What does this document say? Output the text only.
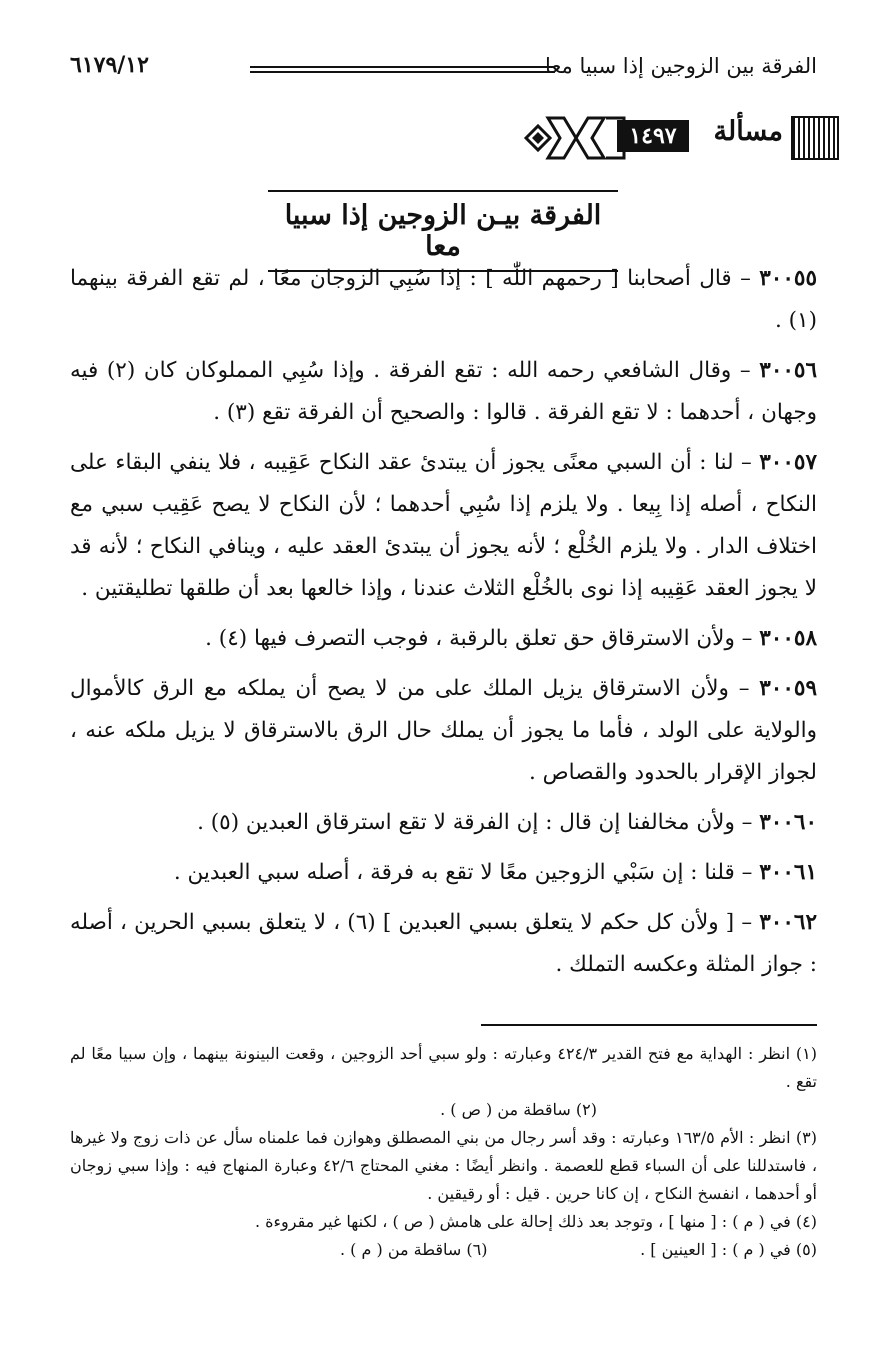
الفرقة بين الزوجين إذا سبيا معا
٦١٧٩/١٢
مسألة
١٤٩٧
الفرقة بيـن الزوجين إذا سبيا معا

٣٠٠٥٥ – قال أصحابنا [ رحمهم اللّٰه ] : إذا سُبِي الزوجان معًا ، لم تقع الفرقة بينهما (١) .

٣٠٠٥٦ – وقال الشافعي رحمه الله : تقع الفرقة . وإذا سُبِي المملوكان كان (٢) فيه وجهان ، أحدهما : لا تقع الفرقة . قالوا : والصحيح أن الفرقة تقع (٣) .

٣٠٠٥٧ – لنا : أن السبي معنًى يجوز أن يبتدئ عقد النكاح عَقِيبه ، فلا ينفي البقاء على النكاح ، أصله إذا بِيعا . ولا يلزم إذا سُبِي أحدهما ؛ لأن النكاح لا يصح عَقِيب سبي مع اختلاف الدار . ولا يلزم الخُلْع ؛ لأنه يجوز أن يبتدئ العقد عليه ، وينافي النكاح ؛ لأنه قد لا يجوز العقد عَقِيبه إذا نوى بالخُلْع الثلاث عندنا ، وإذا خالعها بعد أن طلقها تطليقتين .

٣٠٠٥٨ – ولأن الاسترقاق حق تعلق بالرقبة ، فوجب التصرف فيها (٤) .

٣٠٠٥٩ – ولأن الاسترقاق يزيل الملك على من لا يصح أن يملكه مع الرق كالأموال والولاية على الولد ، فأما ما يجوز أن يملك حال الرق بالاسترقاق لا يزيل ملكه عنه ، لجواز الإقرار بالحدود والقصاص .

٣٠٠٦٠ – ولأن مخالفنا إن قال : إن الفرقة لا تقع استرقاق العبدين (٥) .

٣٠٠٦١ – قلنا : إن سَبْي الزوجين معًا لا تقع به فرقة ، أصله سبي العبدين .

٣٠٠٦٢ – [ ولأن كل حكم لا يتعلق بسبي العبدين ] (٦) ، لا يتعلق بسبي الحرين ، أصله : جواز المثلة وعكسه التملك .

(١) انظر : الهداية مع فتح القدير ٤٢٤/٣ وعبارته : ولو سبي أحد الزوجين ، وقعت البينونة بينهما ، وإن سبيا معًا لم تقع .

(٢) ساقطة من ( ص ) .

(٣) انظر : الأم ١٦٣/٥ وعبارته : وقد أسر رجال من بني المصطلق وهوازن فما علمناه سأل عن ذات زوج ولا غيرها ، فاستدللنا على أن السباء قطع للعصمة . وانظر أيضًا : مغني المحتاج ٤٢/٦ وعبارة المنهاج فيه : وإذا سبي زوجان أو أحدهما ، انفسخ النكاح ، إن كانا حرين . قيل : أو رقيقين .

(٤) في ( م ) : [ منها ] ، وتوجد بعد ذلك إحالة على هامش ( ص ) ، لكنها غير مقروءة .

(٥) في ( م ) : [ العينين ] .
(٦) ساقطة من ( م ) .
